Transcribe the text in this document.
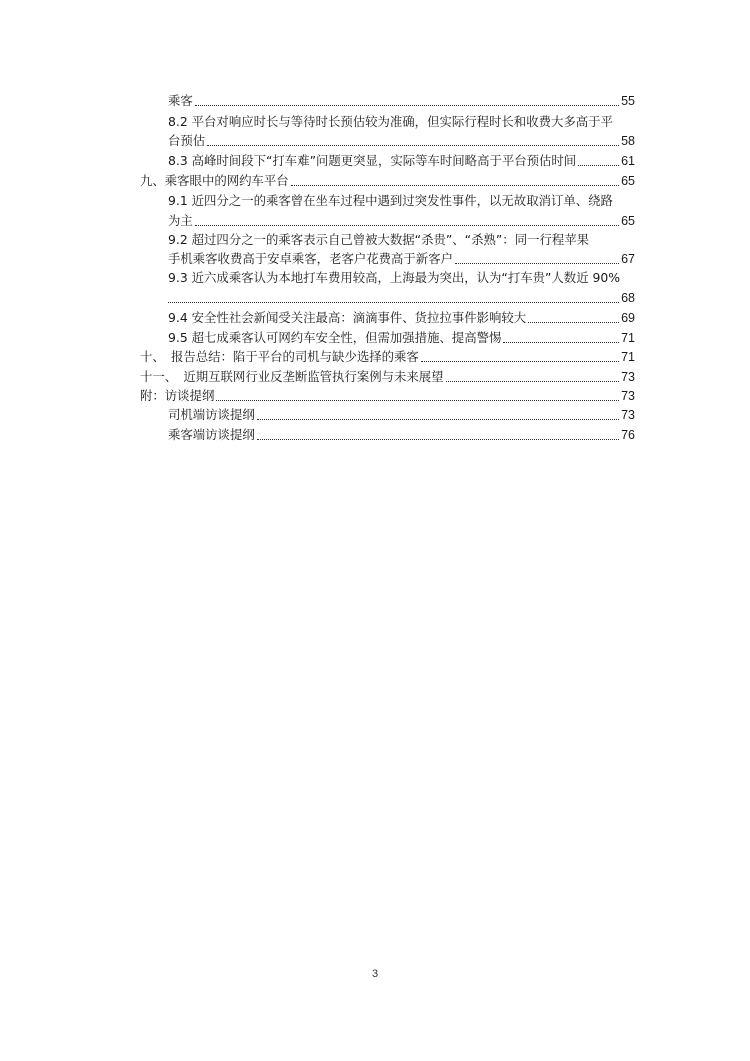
乘客	55
8.2 平台对响应时长与等待时长预估较为准确，但实际行程时长和收费大多高于平
台预估	58
8.3 高峰时间段下“打车难”问题更突显，实际等车时间略高于平台预估时间	61
九、乘客眼中的网约车平台	65
9.1 近四分之一的乘客曾在坐车过程中遇到过突发性事件，以无故取消订单、绕路
为主	65
9.2 超过四分之一的乘客表示自己曾被大数据“杀贵”、“杀熟”：同一行程苹果
手机乘客收费高于安卓乘客，老客户花费高于新客户	67
9.3 近六成乘客认为本地打车费用较高，上海最为突出，认为“打车贵”人数近 90%
68
9.4 安全性社会新闻受关注最高：滴滴事件、货拉拉事件影响较大	69
9.5 超七成乘客认可网约车安全性，但需加强措施、提高警惕	71
十、　报告总结：陷于平台的司机与缺少选择的乘客	71
十一、　近期互联网行业反垄断监管执行案例与未来展望	73
附：访谈提纲	73
司机端访谈提纲	73
乘客端访谈提纲	76
3
